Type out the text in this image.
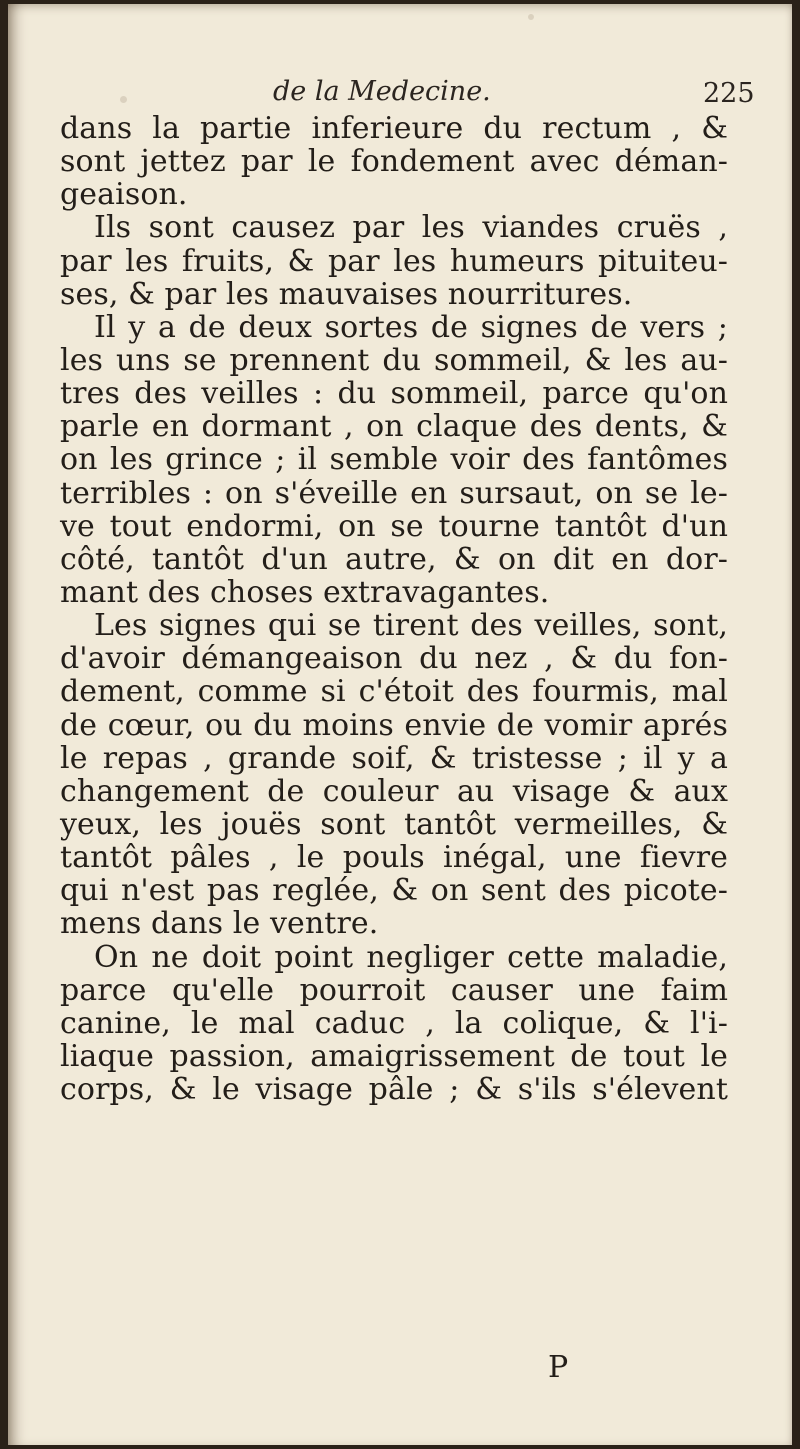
de la Medecine.	225
dans la partie inferieure du rectum , &
sont jettez par le fondement avec déman-
geaison.
Ils sont causez par les viandes cruës ,
par les fruits, & par les humeurs pituiteu-
ses, & par les mauvaises nourritures.
Il y a de deux sortes de signes de vers ;
les uns se prennent du sommeil, & les au-
tres des veilles : du sommeil, parce qu'on
parle en dormant , on claque des dents, &
on les grince ; il semble voir des fantômes
terribles : on s'éveille en sursaut, on se le-
ve tout endormi, on se tourne tantôt d'un
côté, tantôt d'un autre, & on dit en dor-
mant des choses extravagantes.
Les signes qui se tirent des veilles, sont,
d'avoir démangeaison du nez , & du fon-
dement, comme si c'étoit des fourmis, mal
de cœur, ou du moins envie de vomir aprés
le repas , grande soif, & tristesse ; il y a
changement de couleur au visage & aux
yeux, les jouës sont tantôt vermeilles, &
tantôt pâles , le pouls inégal, une fievre
qui n'est pas reglée, & on sent des picote-
mens dans le ventre.
On ne doit point negliger cette maladie,
parce qu'elle pourroit causer une faim
canine, le mal caduc , la colique, & l'i-
liaque passion, amaigrissement de tout le
corps, & le visage pâle ; & s'ils s'élevent
P
